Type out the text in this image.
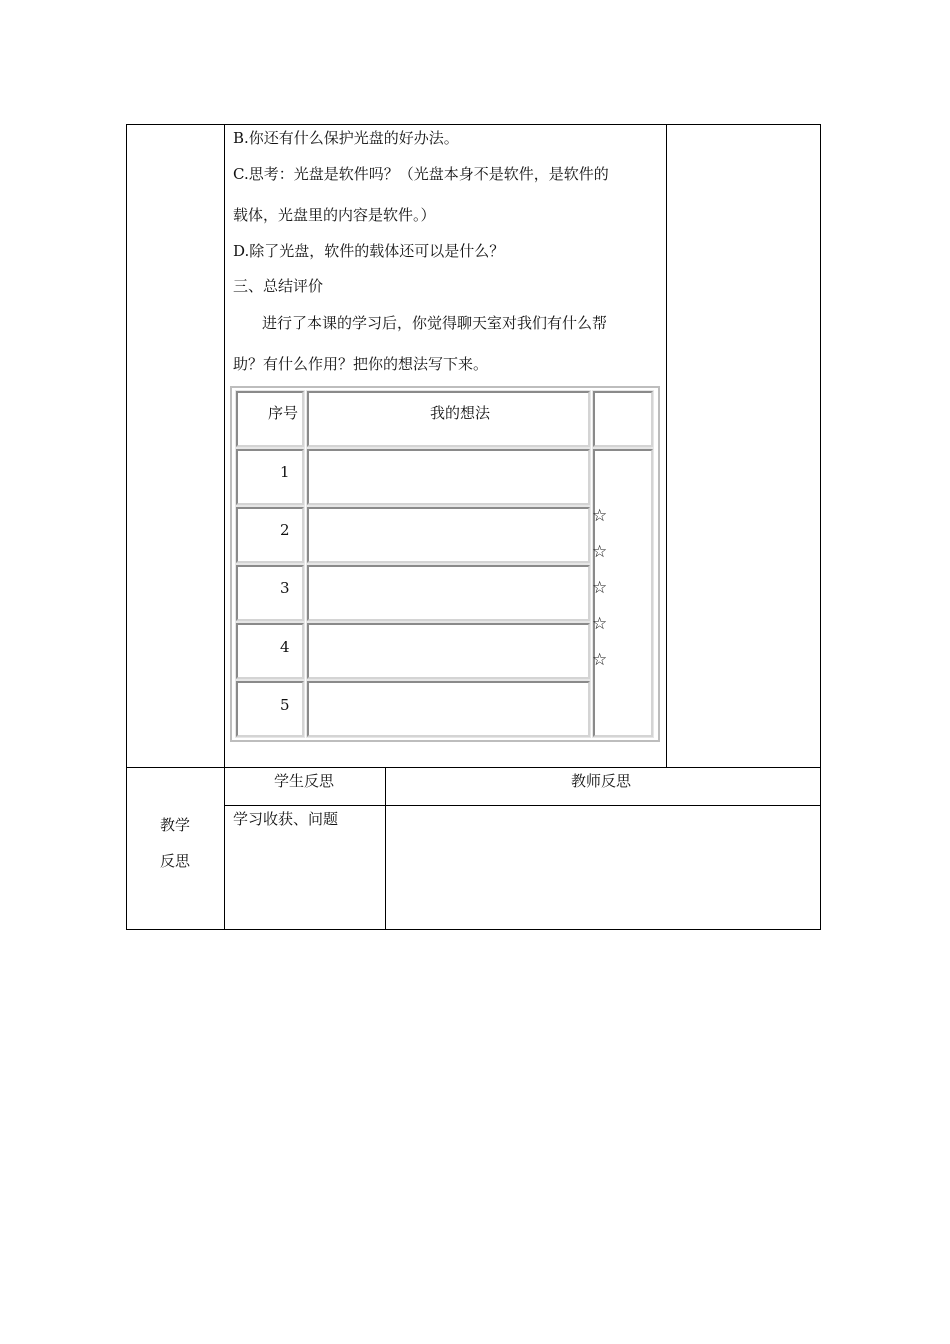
B.你还有什么保护光盘的好办法。
C.思考：光盘是软件吗？（光盘本身不是软件，是软件的
载体，光盘里的内容是软件。）
D.除了光盘，软件的载体还可以是什么？
三、总结评价
进行了本课的学习后，你觉得聊天室对我们有什么帮
助？有什么作用？把你的想法写下来。
序号	我的想法
1
2
3
4
5
☆
☆
☆
☆
☆
教学
反思
学生反思	教师反思
学习收获、问题
